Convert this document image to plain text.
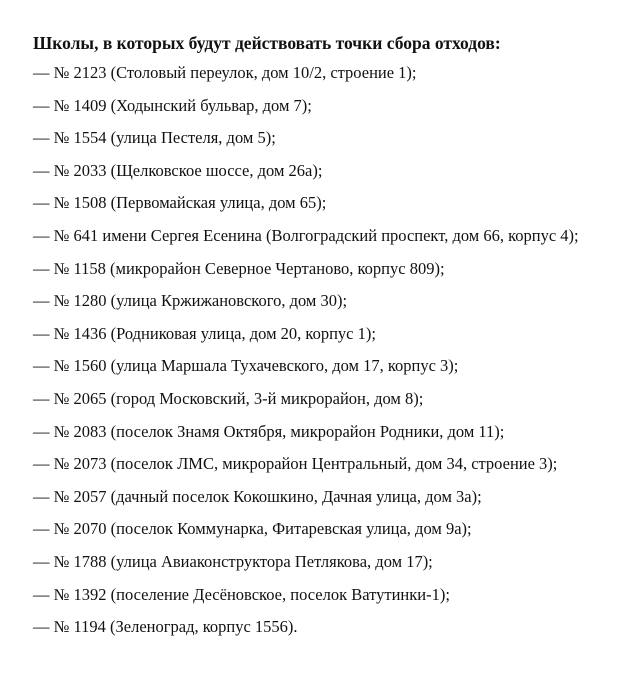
Школы, в которых будут действовать точки сбора отходов:
— № 2123 (Столовый переулок, дом 10/2, строение 1);
— № 1409 (Ходынский бульвар, дом 7);
— № 1554 (улица Пестеля, дом 5);
— № 2033 (Щелковское шоссе, дом 26а);
— № 1508 (Первомайская улица, дом 65);
— № 641 имени Сергея Есенина (Волгоградский проспект, дом 66, корпус 4);
— № 1158 (микрорайон Северное Чертаново, корпус 809);
— № 1280 (улица Кржижановского, дом 30);
— № 1436 (Родниковая улица, дом 20, корпус 1);
— № 1560 (улица Маршала Тухачевского, дом 17, корпус 3);
— № 2065 (город Московский, 3-й микрорайон, дом 8);
— № 2083 (поселок Знамя Октября, микрорайон Родники, дом 11);
— № 2073 (поселок ЛМС, микрорайон Центральный, дом 34, строение 3);
— № 2057 (дачный поселок Кокошкино, Дачная улица, дом 3а);
— № 2070 (поселок Коммунарка, Фитаревская улица, дом 9а);
— № 1788 (улица Авиаконструктора Петлякова, дом 17);
— № 1392 (поселение Десёновское, поселок Ватутинки-1);
— № 1194 (Зеленоград, корпус 1556).
